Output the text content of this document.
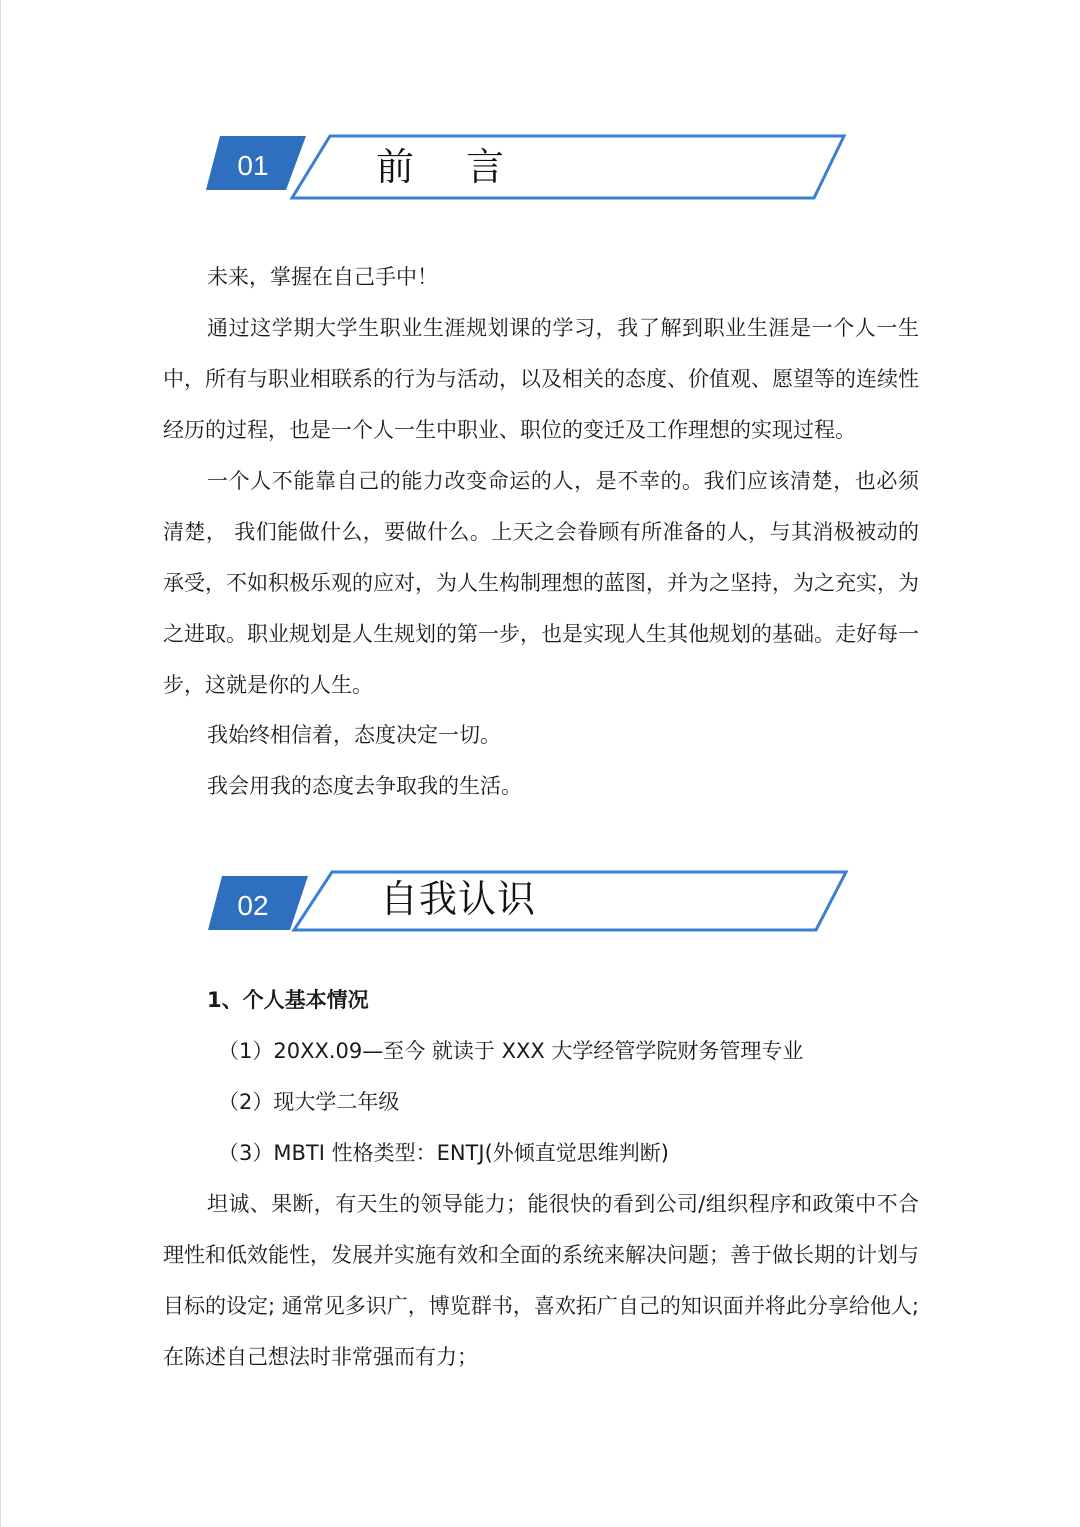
01	前言

未来，掌握在自己手中！

通过这学期大学生职业生涯规划课的学习，我了解到职业生涯是一个人一生中，所有与职业相联系的行为与活动，以及相关的态度、价值观、愿望等的连续性经历的过程，也是一个人一生中职业、职位的变迁及工作理想的实现过程。

一个人不能靠自己的能力改变命运的人，是不幸的。我们应该清楚，也必须清楚， 我们能做什么，要做什么。上天之会眷顾有所准备的人，与其消极被动的承受，不如积极乐观的应对，为人生构制理想的蓝图，并为之坚持，为之充实，为之进取。职业规划是人生规划的第一步，也是实现人生其他规划的基础。走好每一步，这就是你的人生。

我始终相信着，态度决定一切。

我会用我的态度去争取我的生活。

02	自我认识

1、个人基本情况

（1）20XX.09—至今 就读于 XXX 大学经管学院财务管理专业

（2）现大学二年级

（3）MBTI 性格类型：ENTJ(外倾直觉思维判断)

坦诚、果断，有天生的领导能力；能很快的看到公司/组织程序和政策中不合理性和低效能性，发展并实施有效和全面的系统来解决问题；善于做长期的计划与目标的设定; 通常见多识广，博览群书，喜欢拓广自己的知识面并将此分享给他人;在陈述自己想法时非常强而有力；
